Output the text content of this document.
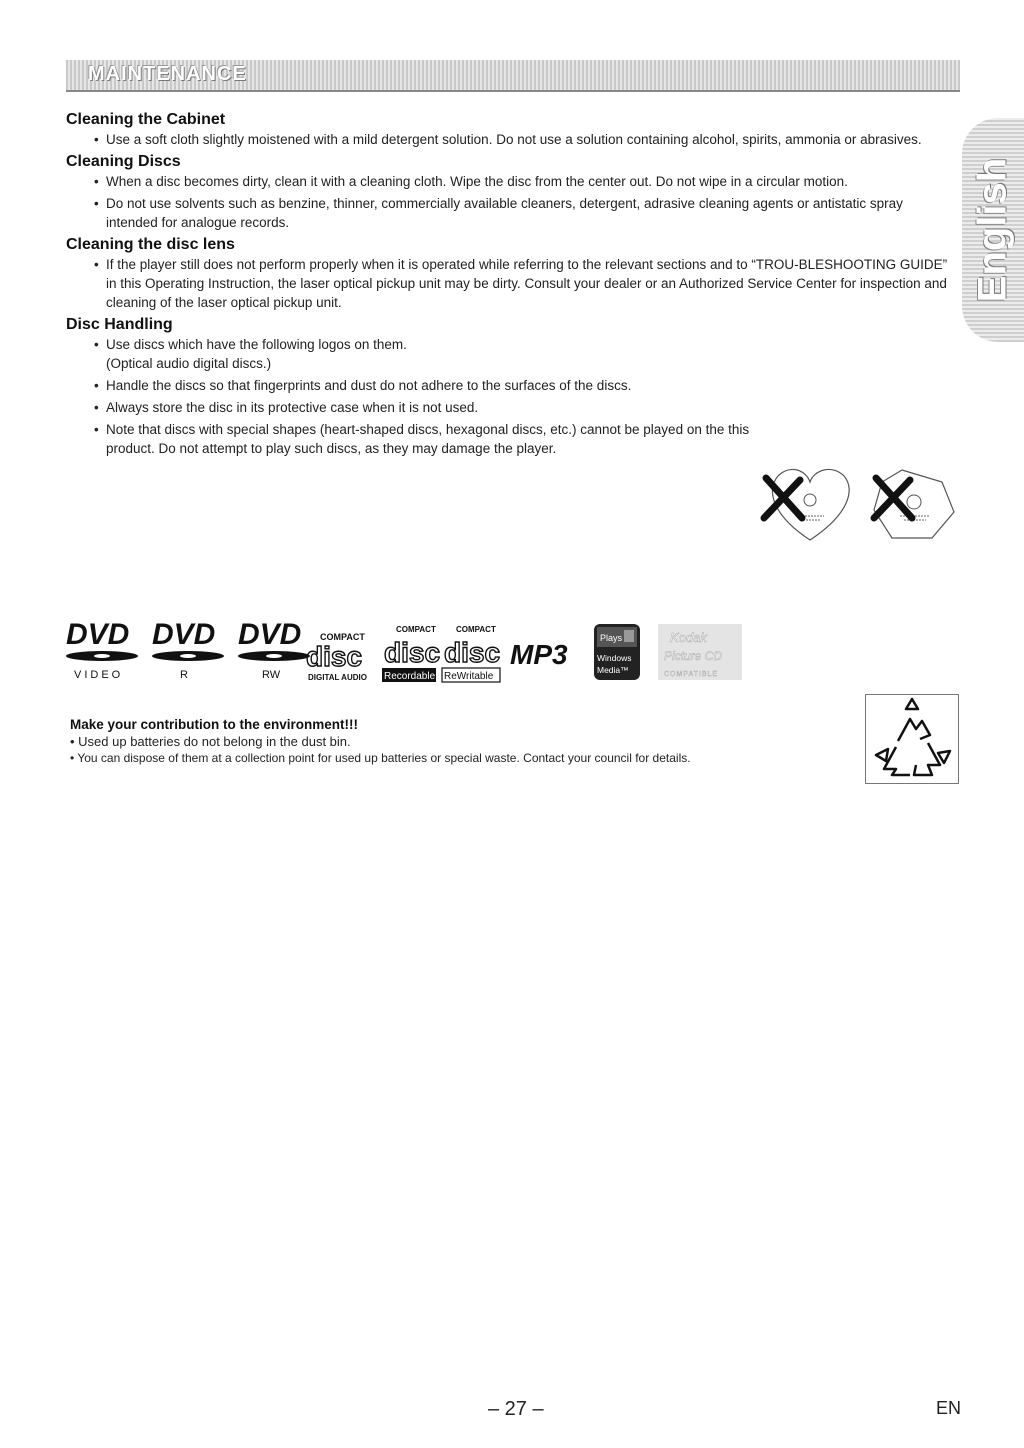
MAINTENANCE
English
Cleaning the Cabinet
• Use a soft cloth slightly moistened with a mild detergent solution. Do not use a solution containing alcohol, spirits, ammonia or abrasives.
Cleaning Discs
• When a disc becomes dirty, clean it with a cleaning cloth. Wipe the disc from the center out. Do not wipe in a circular motion.
• Do not use solvents such as benzine, thinner, commercially available cleaners, detergent, adrasive cleaning agents or antistatic spray intended for analogue records.
Cleaning the disc lens
• If the player still does not perform properly when it is operated while referring to the relevant sections and to “TROU-BLESHOOTING GUIDE” in this Operating Instruction, the laser optical pickup unit may be dirty. Consult your dealer or an Authorized Service Center for inspection and cleaning of the laser optical pickup unit.
Disc Handling
• Use discs which have the following logos on them.
(Optical audio digital discs.)
• Handle the discs so that fingerprints and dust do not adhere to the surfaces of the discs.
• Always store the disc in its protective case when it is not used.
• Note that discs with special shapes (heart-shaped discs, hexagonal discs, etc.) cannot be played on the this product. Do not attempt to play such discs, as they may damage the player.
DVD
VIDEO
DVD
R
DVD
RW
COMPACT
disc
DIGITAL AUDIO
COMPACT
disc
Recordable
COMPACT
disc
ReWritable
MP3
Plays
Windows
Media™
Kodak
Picture CD
COMPATIBLE
Make your contribution to the environment!!!
• Used up batteries do not belong in the dust bin.
• You can dispose of them at a collection point for used up batteries or special waste. Contact your council for details.
– 27 –	EN
